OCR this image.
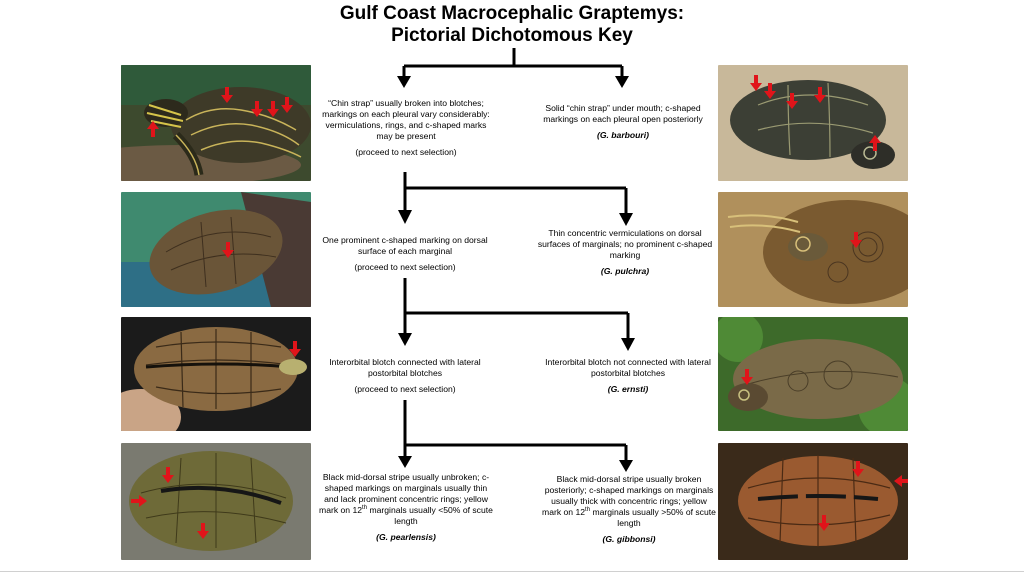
Gulf Coast Macrocephalic Graptemys:
Pictorial Dichotomous Key
“Chin strap” usually broken into blotches; markings on each pleural vary considerably: vermiculations, rings, and c-shaped marks may be present
(proceed to next selection)
Solid “chin strap” under mouth; c-shaped markings on each pleural open posteriorly
(G. barbouri)
One prominent c-shaped marking on dorsal surface of each marginal
(proceed to next selection)
Thin concentric vermiculations on dorsal surfaces of marginals; no prominent c-shaped marking
(G. pulchra)
Interorbital blotch connected with lateral postorbital blotches
(proceed to next selection)
Interorbital blotch not connected with lateral postorbital blotches
(G. ernsti)
Black mid-dorsal stripe usually unbroken; c-shaped markings on marginals usually thin and lack prominent concentric rings; yellow mark on 12th marginals usually <50% of scute length
(G. pearlensis)
Black mid-dorsal stripe usually broken posteriorly; c-shaped markings on marginals usually thick with concentric rings; yellow mark on 12th marginals usually >50% of scute length
(G. gibbonsi)
